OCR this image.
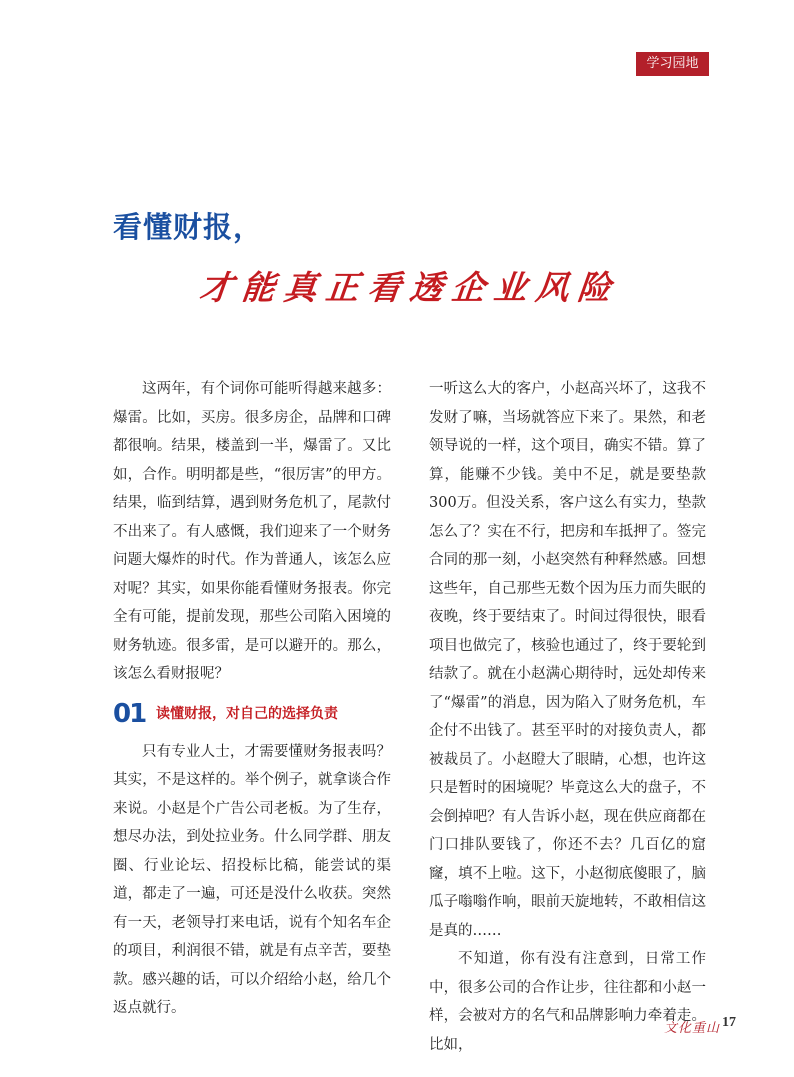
学习园地
看懂财报，
才能真正看透企业风险

这两年，有个词你可能听得越来越多：爆雷。比如，买房。很多房企，品牌和口碑都很响。结果，楼盖到一半，爆雷了。又比如，合作。明明都是些，“很厉害”的甲方。结果，临到结算，遇到财务危机了，尾款付不出来了。有人感慨，我们迎来了一个财务问题大爆炸的时代。作为普通人，该怎么应对呢？其实，如果你能看懂财务报表。你完全有可能，提前发现，那些公司陷入困境的财务轨迹。很多雷，是可以避开的。那么，该怎么看财报呢？

01 读懂财报，对自己的选择负责

只有专业人士，才需要懂财务报表吗？其实，不是这样的。举个例子，就拿谈合作来说。小赵是个广告公司老板。为了生存，想尽办法，到处拉业务。什么同学群、朋友圈、行业论坛、招投标比稿，能尝试的渠道，都走了一遍，可还是没什么收获。突然有一天，老领导打来电话，说有个知名车企的项目，利润很不错，就是有点辛苦，要垫款。感兴趣的话，可以介绍给小赵，给几个返点就行。

一听这么大的客户，小赵高兴坏了，这我不发财了嘛，当场就答应下来了。果然，和老领导说的一样，这个项目，确实不错。算了算，能赚不少钱。美中不足，就是要垫款300万。但没关系，客户这么有实力，垫款怎么了？实在不行，把房和车抵押了。签完合同的那一刻，小赵突然有种释然感。回想这些年，自己那些无数个因为压力而失眠的夜晚，终于要结束了。时间过得很快，眼看项目也做完了，核验也通过了，终于要轮到结款了。就在小赵满心期待时，远处却传来了“爆雷”的消息，因为陷入了财务危机，车企付不出钱了。甚至平时的对接负责人，都被裁员了。小赵瞪大了眼睛，心想，也许这只是暂时的困境呢？毕竟这么大的盘子，不会倒掉吧？有人告诉小赵，现在供应商都在门口排队要钱了，你还不去？几百亿的窟窿，填不上啦。这下，小赵彻底傻眼了，脑瓜子嗡嗡作响，眼前天旋地转，不敢相信这是真的……

不知道，你有没有注意到，日常工作中，很多公司的合作让步，往往都和小赵一样，会被对方的名气和品牌影响力牵着走。比如，

文化重山 17
